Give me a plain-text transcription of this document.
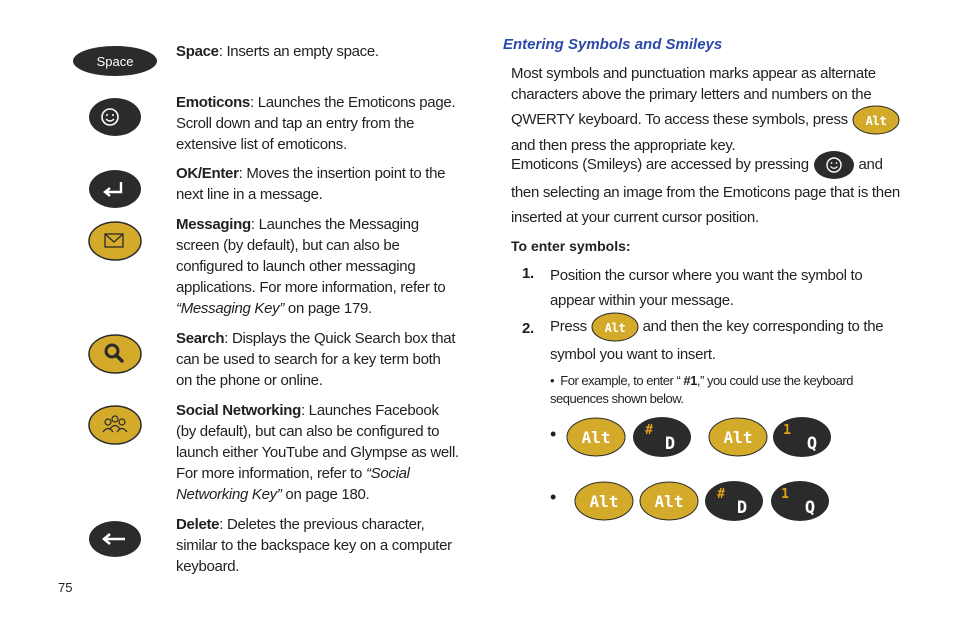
Space
Space: Inserts an empty space.
Emoticons: Launches the Emoticons page. Scroll down and tap an entry from the extensive list of emoticons.
OK/Enter: Moves the insertion point to the next line in a message.
Messaging: Launches the Messaging screen (by default), but can also be configured to launch other messaging applications. For more information, refer to “Messaging Key” on page 179.
Search: Displays the Quick Search box that can be used to search for a key term both on the phone or online.
Social Networking: Launches Facebook (by default), but can also be configured to launch either YouTube and Glympse as well. For more information, refer to “Social Networking Key” on page 180.
Delete: Deletes the previous character, similar to the backspace key on a computer keyboard.
75
Entering Symbols and Smileys
Most symbols and punctuation marks appear as alternate characters above the primary letters and numbers on the QWERTY keyboard. To access these symbols, press Alt
and then press the appropriate key.
Emoticons (Smileys) are accessed by pressing	and then selecting an image from the Emoticons page that is then inserted at your current cursor position.
To enter symbols:
1. Position the cursor where you want the symbol to appear within your message.
2. Press Alt and then the key corresponding to the symbol you want to insert.
• For example, to enter “ #1,” you could use the keyboard sequences shown below.
• Alt	#
D	Alt 1
Q
• Alt Alt	#
D
1
Q
